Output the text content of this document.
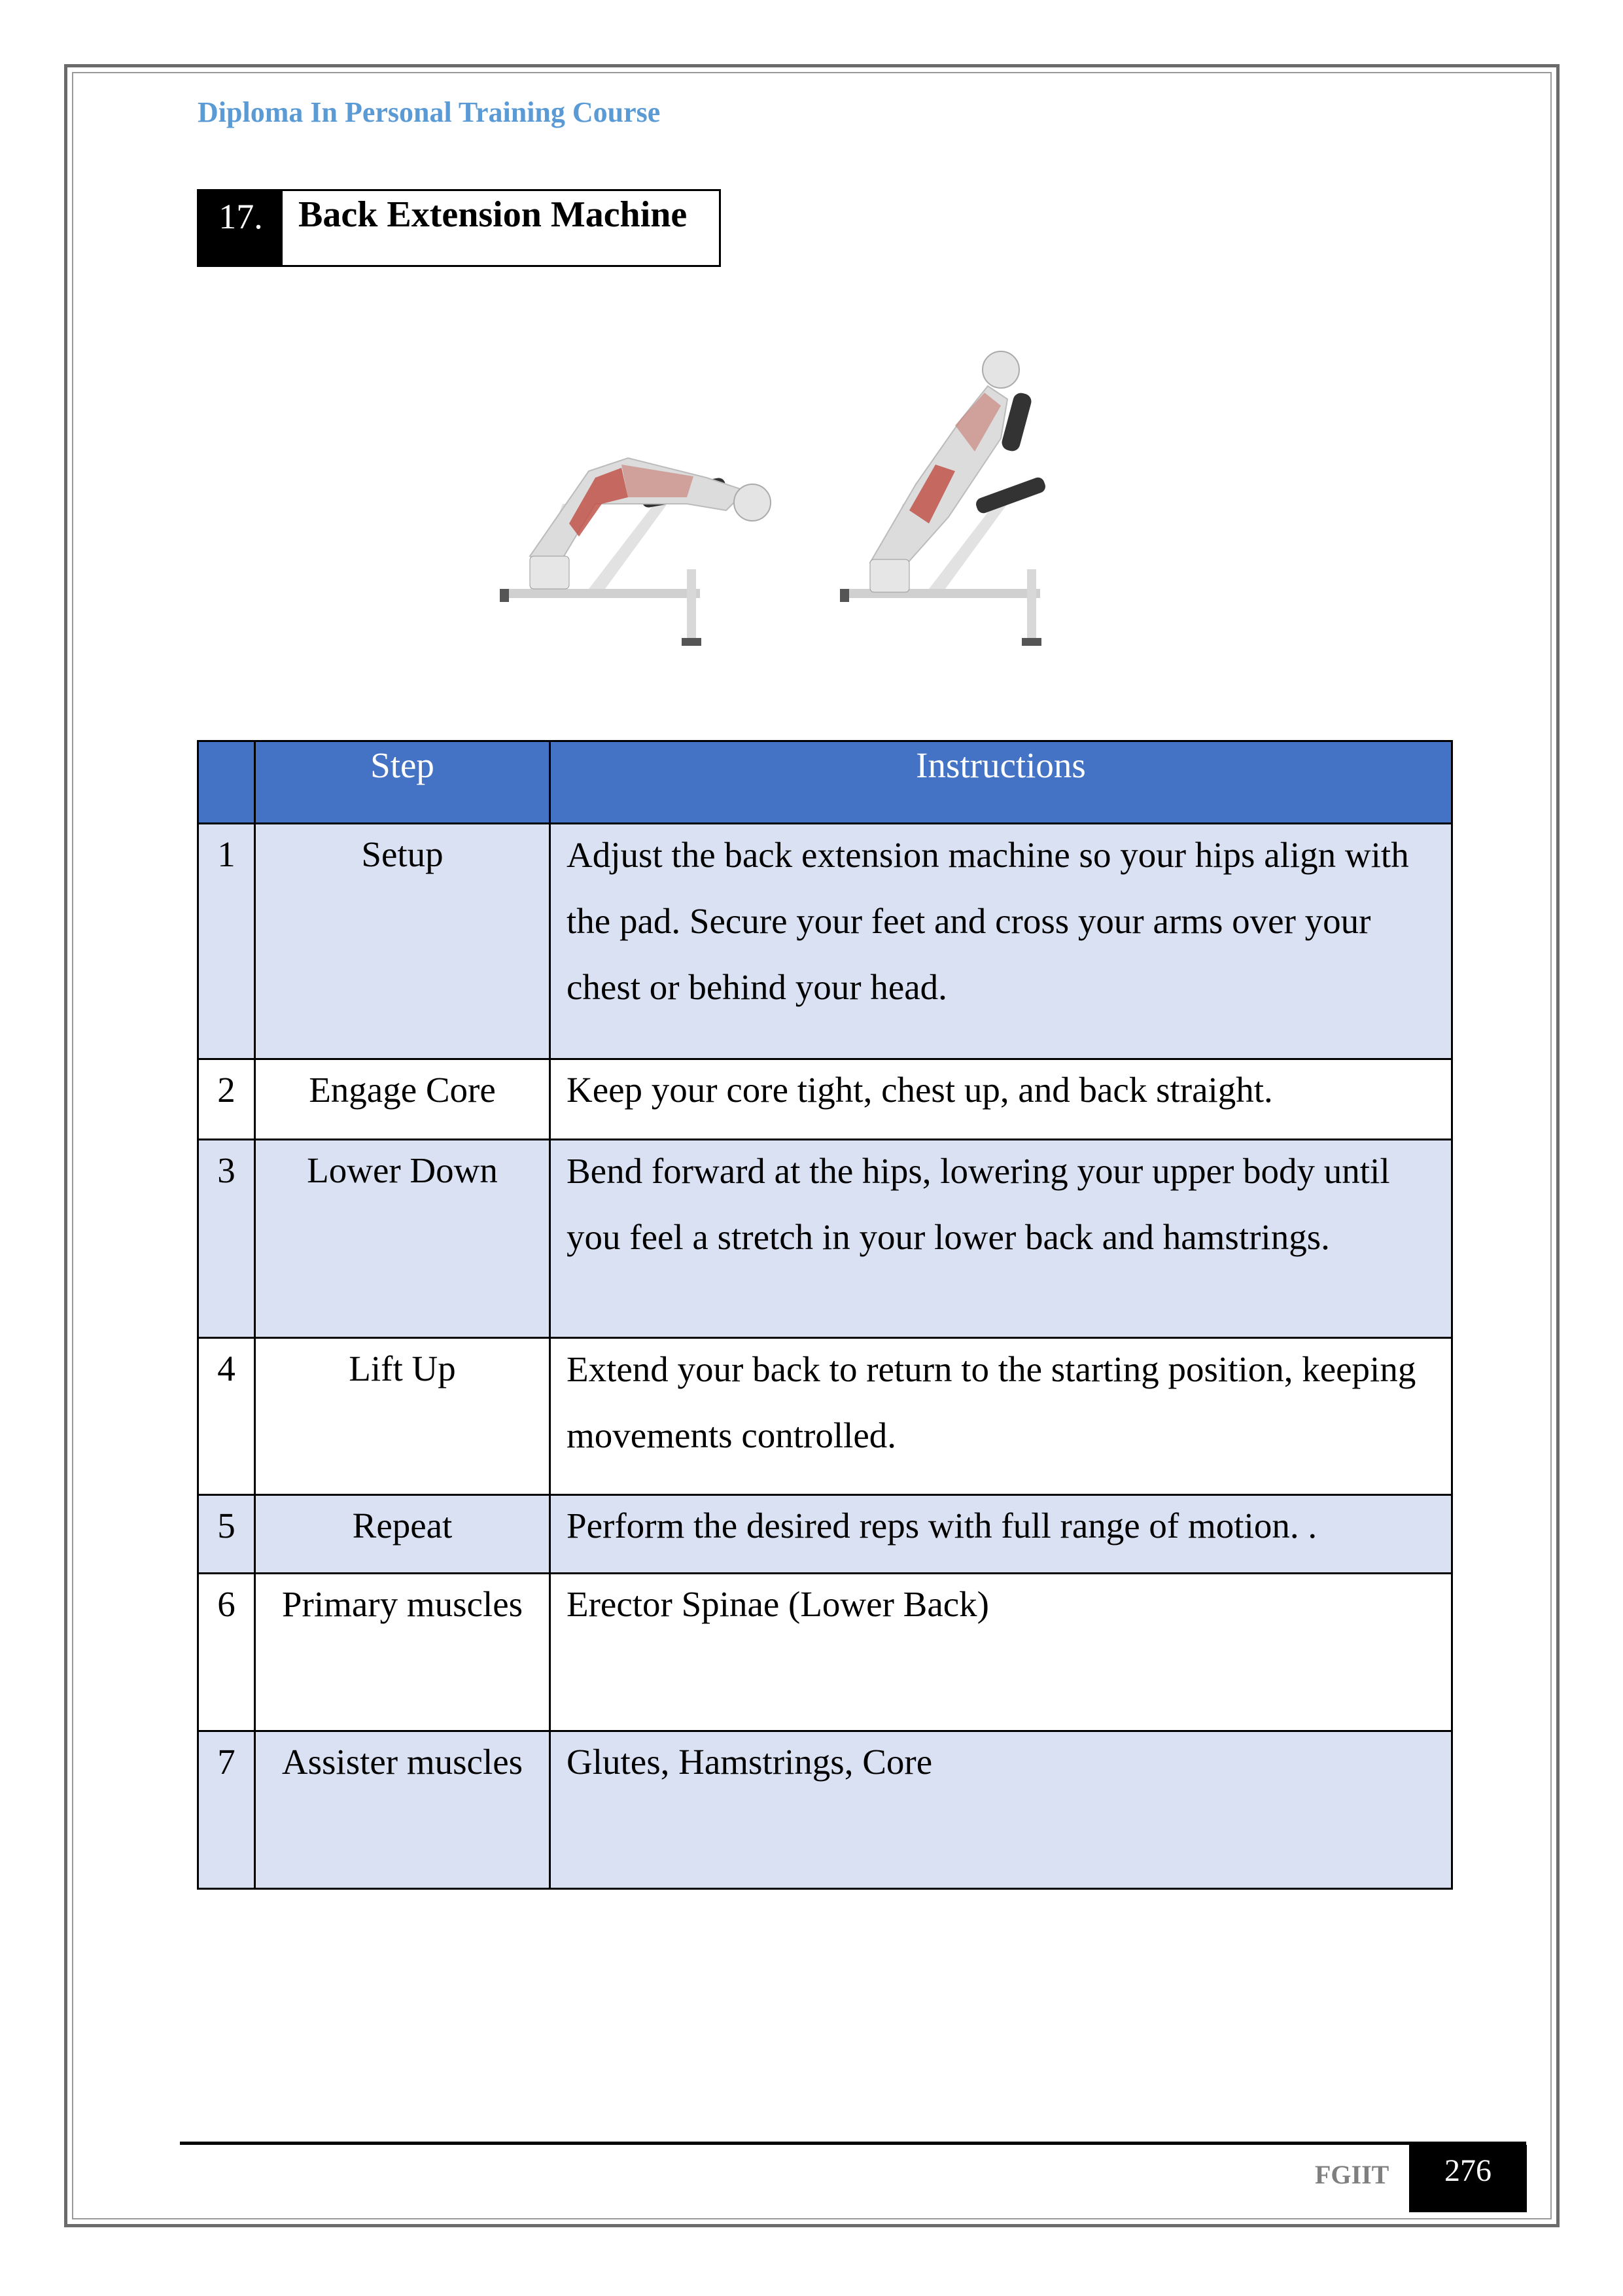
Diploma In Personal Training Course
17. Back Extension Machine
	Step	Instructions
1	Setup	Adjust the back extension machine so your hips align with the pad. Secure your feet and cross your arms over your chest or behind your head.

2	Engage Core	Keep your core tight, chest up, and back straight.

3	Lower Down	Bend forward at the hips, lowering your upper body until you feel a stretch in your lower back and hamstrings.

4	Lift Up	Extend your back to return to the starting position, keeping movements controlled.

5	Repeat	Perform the desired reps with full range of motion. .

6	Primary muscles	Erector Spinae (Lower Back)

7	Assister muscles	Glutes, Hamstrings, Core
FGIIT	276
